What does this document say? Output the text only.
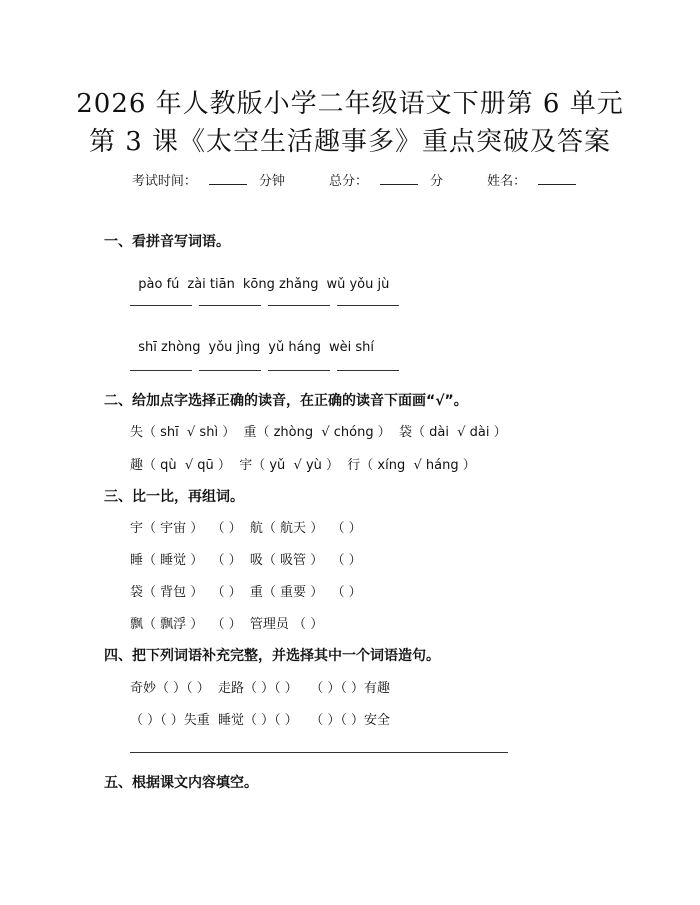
2026 年人教版小学二年级语文下册第 6 单元
第 3 课《太空生活趣事多》重点突破及答案
考试时间：	分钟	总分：	分	姓名：
一、看拼音写词语。

pào fú zài tiān kōng zhǎng wǔ yǒu jù

shī zhòng yǒu jìng yǔ háng wèi shí

二、给加点字选择正确的读音，在正确的读音下面画“√”。
失（ shī  √ shì ）  重（ zhòng  √ chóng ）  袋（ dài  √ dài ）
趣（ qù  √ qū ）  宇（ yǔ  √ yù ）  行（ xíng  √ háng ）
三、比一比，再组词。
宇（ 宇宙 ）  （ ）  航（ 航天 ）  （ ）
睡（ 睡觉 ）  （ ）  吸（ 吸管 ）  （ ）
袋（ 背包 ）  （ ）  重（ 重要 ）  （ ）
飘（ 飘浮 ）  （ ）  管理员 （ ）
四、把下列词语补充完整，并选择其中一个词语造句。
奇妙（ ）（ ）  走路（ ）（ ）   （ ）（ ）有趣
（ ）（ ）失重  睡觉（ ）（ ）   （ ）（ ）安全
五、根据课文内容填空。
